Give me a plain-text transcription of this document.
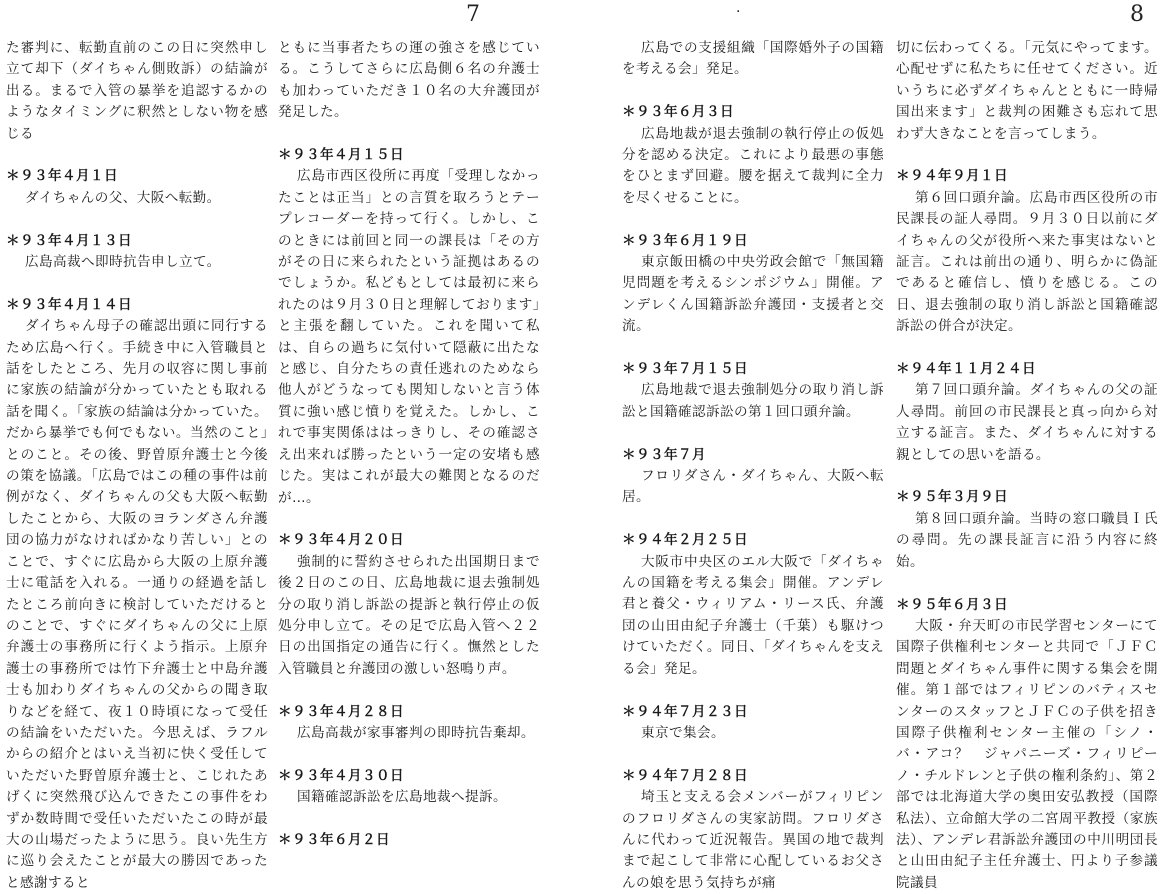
7	·	8

た審判に、転勤直前のこの日に突然申し立て却下（ダイちゃん側敗訴）の結論が出る。まるで入管の暴挙を追認するかのようなタイミングに釈然としない物を感じる

＊９３年４月１日

ダイちゃんの父、大阪へ転勤。

＊９３年４月１３日

広島高裁へ即時抗告申し立て。

＊９３年４月１４日

ダイちゃん母子の確認出頭に同行するため広島へ行く。手続き中に入管職員と話をしたところ、先月の収容に関し事前に家族の結論が分かっていたとも取れる話を聞く。「家族の結論は分かっていた。だから暴挙でも何でもない。当然のこと」とのこと。その後、野曽原弁護士と今後の策を協議。「広島ではこの種の事件は前例がなく、ダイちゃんの父も大阪へ転勤したことから、大阪のヨランダさん弁護団の協力がなければかなり苦しい」とのことで、すぐに広島から大阪の上原弁護士に電話を入れる。一通りの経過を話したところ前向きに検討していただけるとのことで、すぐにダイちゃんの父に上原弁護士の事務所に行くよう指示。上原弁護士の事務所では竹下弁護士と中島弁護士も加わりダイちゃんの父からの聞き取りなどを経て、夜１０時頃になって受任の結論をいただいた。今思えば、ラフルからの紹介とはいえ当初に快く受任していただいた野曽原弁護士と、こじれたあげくに突然飛び込んできたこの事件をわずか数時間で受任いただいたこの時が最大の山場だったように思う。良い先生方に巡り会えたことが最大の勝因であったと感謝すると

ともに当事者たちの運の強さを感じている。こうしてさらに広島側６名の弁護士も加わっていただき１０名の大弁護団が発足した。

＊９３年４月１５日

広島市西区役所に再度「受理しなかったことは正当」との言質を取ろうとテープレコーダーを持って行く。しかし、このときには前回と同一の課長は「その方がその日に来られたという証拠はあるのでしょうか。私どもとしては最初に来られたのは９月３０日と理解しております」と主張を翻していた。これを聞いて私は、自らの過ちに気付いて隠蔽に出たなと感じ、自分たちの責任逃れのためなら他人がどうなっても関知しないと言う体質に強い感じ憤りを覚えた。しかし、これで事実関係ははっきりし、その確認さえ出来れば勝ったという一定の安堵も感じた。実はこれが最大の難関となるのだが…。

＊９３年４月２０日

強制的に誓約させられた出国期日まで後２日のこの日、広島地裁に退去強制処分の取り消し訴訟の提訴と執行停止の仮処分申し立て。その足で広島入管へ２２日の出国指定の通告に行く。憮然とした入管職員と弁護団の激しい怒鳴り声。

＊９３年４月２８日

広島高裁が家事審判の即時抗告棄却。

＊９３年４月３０日

国籍確認訴訟を広島地裁へ提訴。

＊９３年６月２日

広島での支援組織「国際婚外子の国籍を考える会」発足。

＊９３年６月３日

広島地裁が退去強制の執行停止の仮処分を認める決定。これにより最悪の事態をひとまず回避。腰を据えて裁判に全力を尽くせることに。

＊９３年６月１９日

東京飯田橋の中央労政会館で「無国籍児問題を考えるシンポジウム」開催。アンデレくん国籍訴訟弁護団・支援者と交流。

＊９３年７月１５日

広島地裁で退去強制処分の取り消し訴訟と国籍確認訴訟の第１回口頭弁論。

＊９３年７月

フロリダさん・ダイちゃん、大阪へ転居。

＊９４年２月２５日

大阪市中央区のエル大阪で「ダイちゃんの国籍を考える集会」開催。アンデレ君と養父・ウィリアム・リース氏、弁護団の山田由紀子弁護士（千葉）も駆けつけていただく。同日、「ダイちゃんを支える会」発足。

＊９４年７月２３日

東京で集会。

＊９４年７月２８日

埼玉と支える会メンバーがフィリピンのフロリダさんの実家訪問。フロリダさんに代わって近況報告。異国の地で裁判まで起こして非常に心配しているお父さんの娘を思う気持ちが痛

切に伝わってくる。「元気にやってます。心配せずに私たちに任せてください。近いうちに必ずダイちゃんとともに一時帰国出来ます」と裁判の困難さも忘れて思わず大きなことを言ってしまう。

＊９４年９月１日

第６回口頭弁論。広島市西区役所の市民課長の証人尋問。９月３０日以前にダイちゃんの父が役所へ来た事実はないと証言。これは前出の通り、明らかに偽証であると確信し、憤りを感じる。この日、退去強制の取り消し訴訟と国籍確認訴訟の併合が決定。

＊９４年１１月２４日

第７回口頭弁論。ダイちゃんの父の証人尋問。前回の市民課長と真っ向から対立する証言。また、ダイちゃんに対する親としての思いを語る。

＊９５年３月９日

第８回口頭弁論。当時の窓口職員Ｉ氏の尋問。先の課長証言に沿う内容に終始。

＊９５年６月３日

大阪・弁天町の市民学習センターにて国際子供権利センターと共同で「ＪＦＣ問題とダイちゃん事件に関する集会を開催。第１部ではフィリピンのバティスセンターのスタッフとＪＦＣの子供を招き国際子供権利センター主催の「シノ・バ・アコ？　ジャパニーズ・フィリピーノ・チルドレンと子供の権利条約」、第２部では北海道大学の奥田安弘教授（国際私法）、立命館大学の二宮周平教授（家族法）、アンデレ君訴訟弁護団の中川明団長と山田由紀子主任弁護士、円より子参議院議員
